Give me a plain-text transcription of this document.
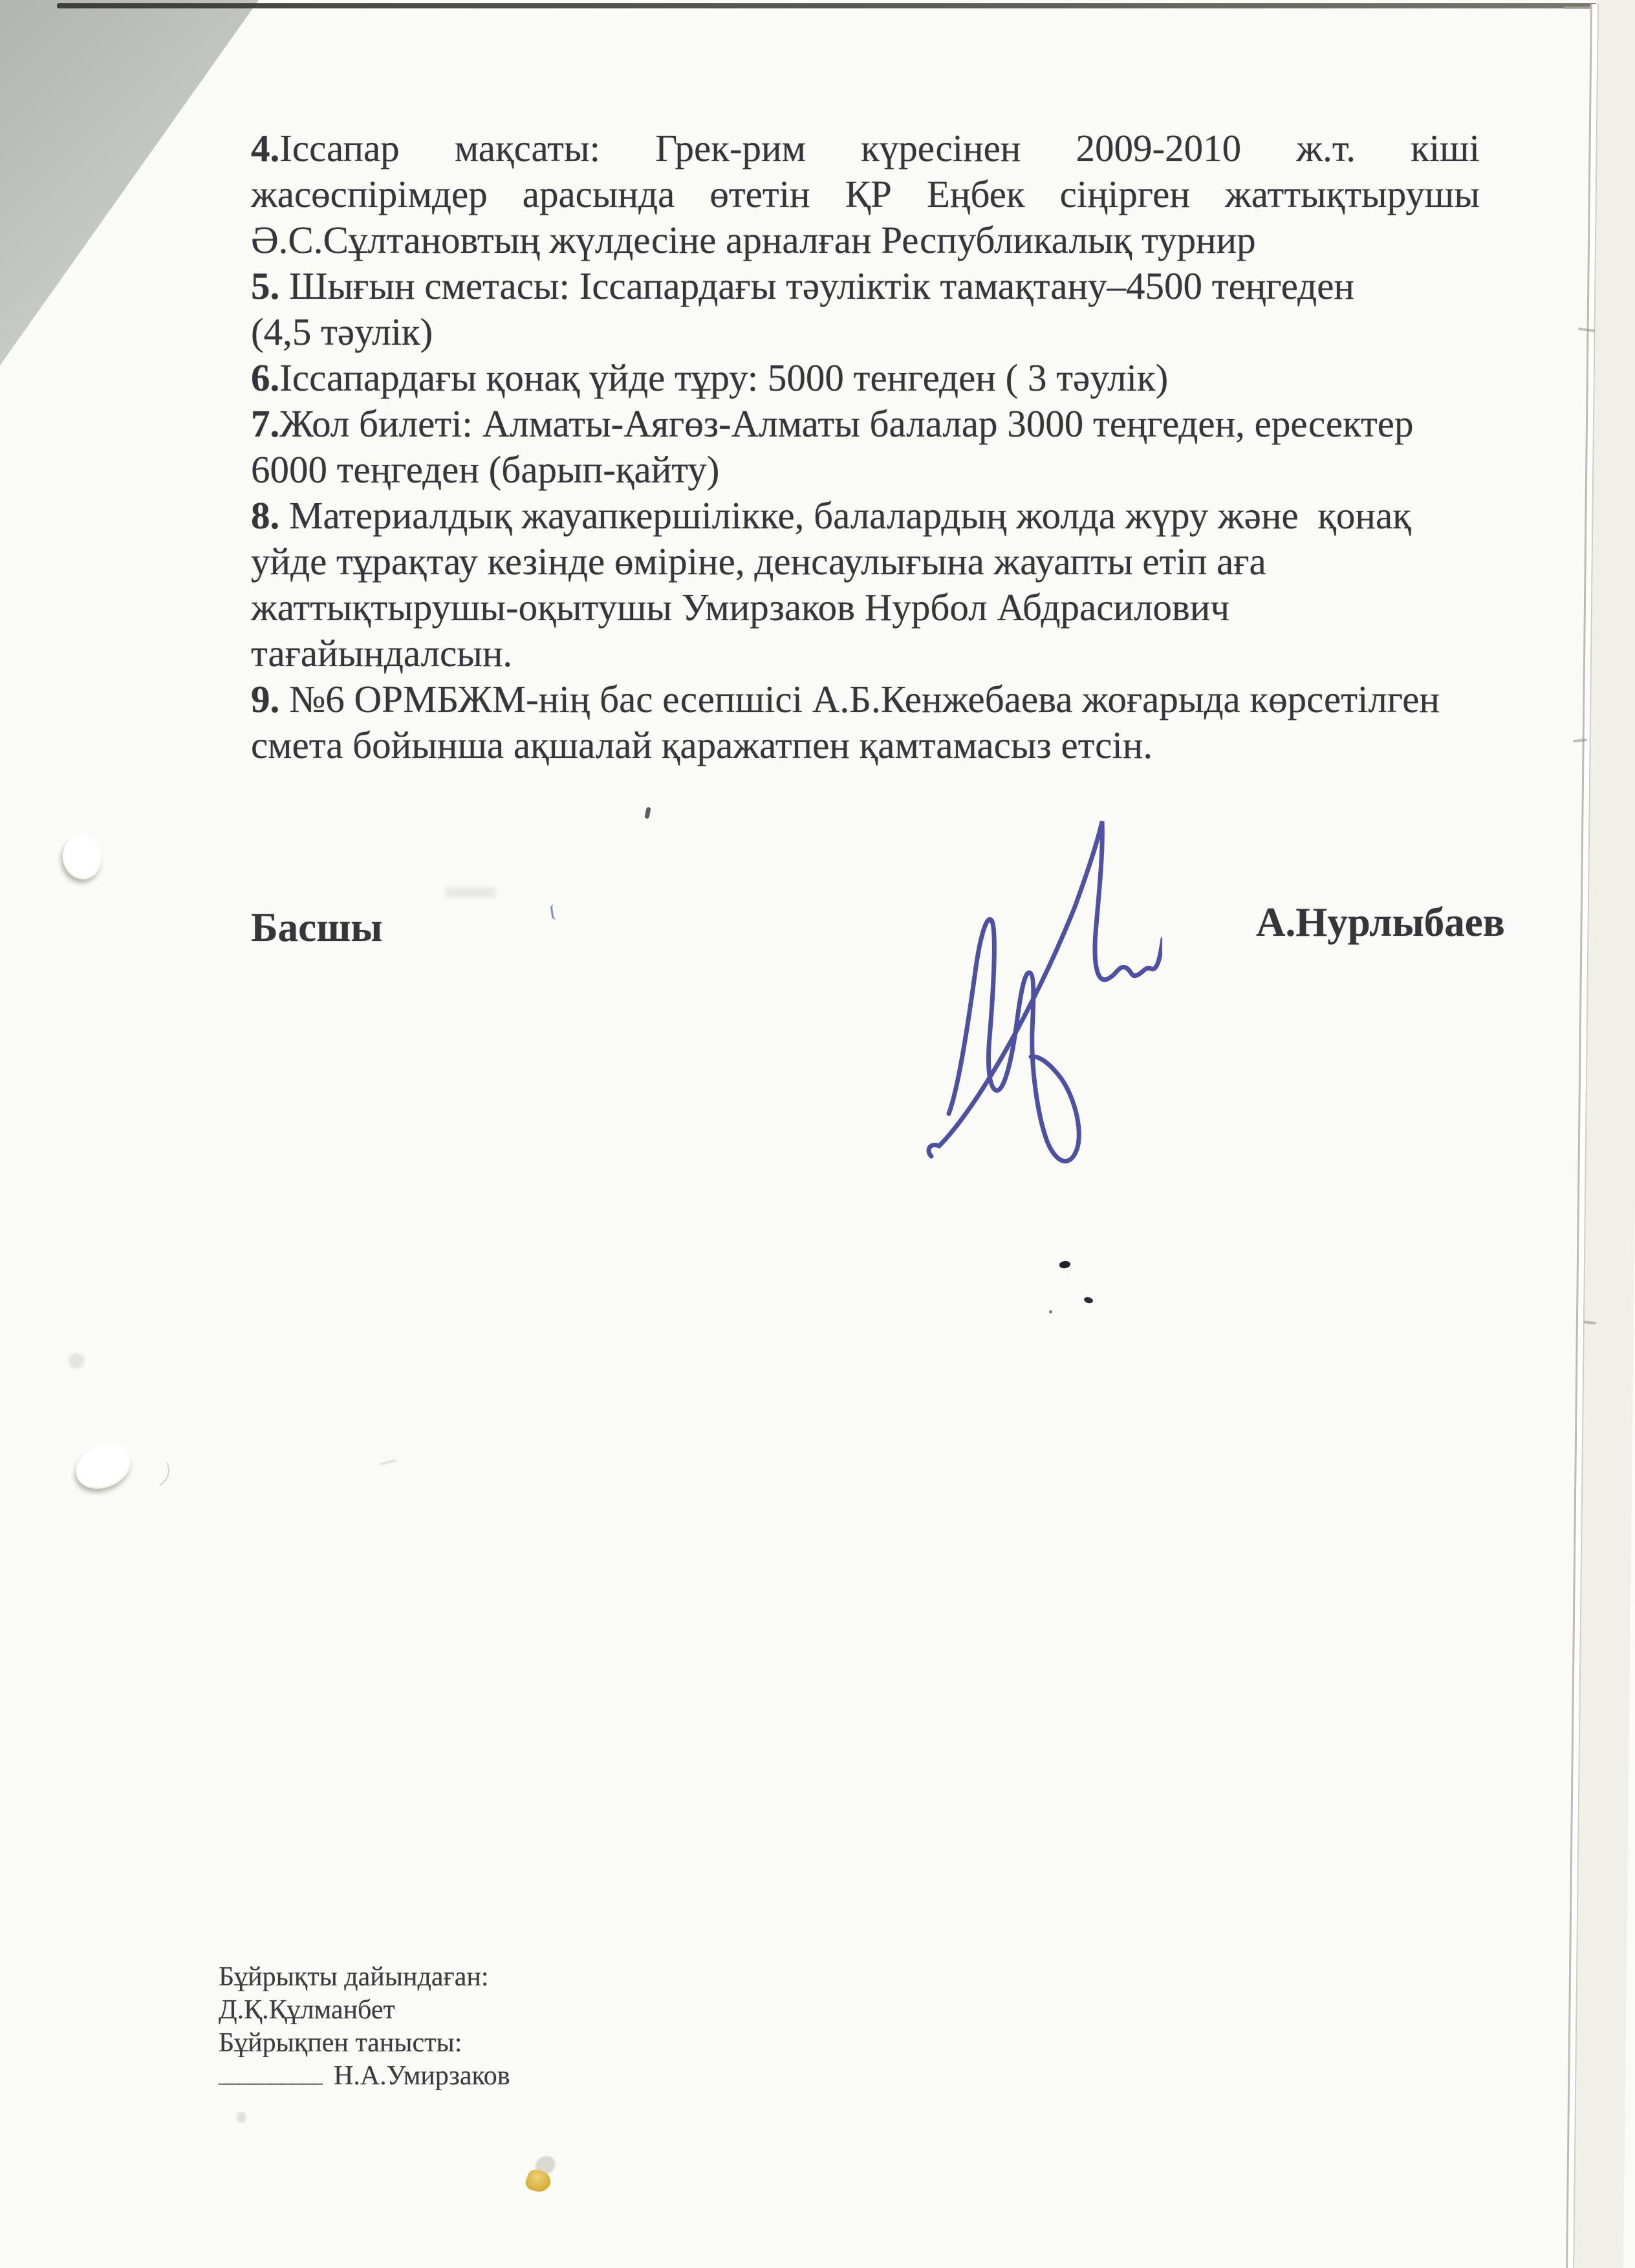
4.Іссапар мақсаты: Грек-рим күресінен 2009-2010 ж.т. кіші
жасөспірімдер арасында өтетін ҚР Еңбек сіңірген жаттықтырушы
Ә.С.Сұлтановтың жүлдесіне арналған Республикалық турнир
5. Шығын сметасы: Іссапардағы тәуліктік тамақтану–4500 теңгеден
(4,5 тәулік)
6.Іссапардағы қонақ үйде тұру: 5000 тенгеден ( 3 тәулік)
7.Жол билеті: Алматы-Аягөз-Алматы балалар 3000 теңгеден, ересектер
6000 теңгеден (барып-қайту)
8. Материалдық жауапкершілікке, балалардың жолда жүру және  қонақ
уйде тұрақтау кезінде өміріне, денсаулығына жауапты етіп аға
жаттықтырушы-оқытушы Умирзаков Нурбол Абдрасилович
тағайындалсын.
9. №6 ОРМБЖМ-нің бас есепшісі А.Б.Кенжебаева жоғарыда көрсетілген
смета бойынша ақшалай қаражатпен қамтамасыз етсін.
Басшы	А.Нурлыбаев
Бұйрықты дайындаған:
Д.Қ.Құлманбет
Бұйрықпен танысты:
__________ Н.А.Умирзаков
